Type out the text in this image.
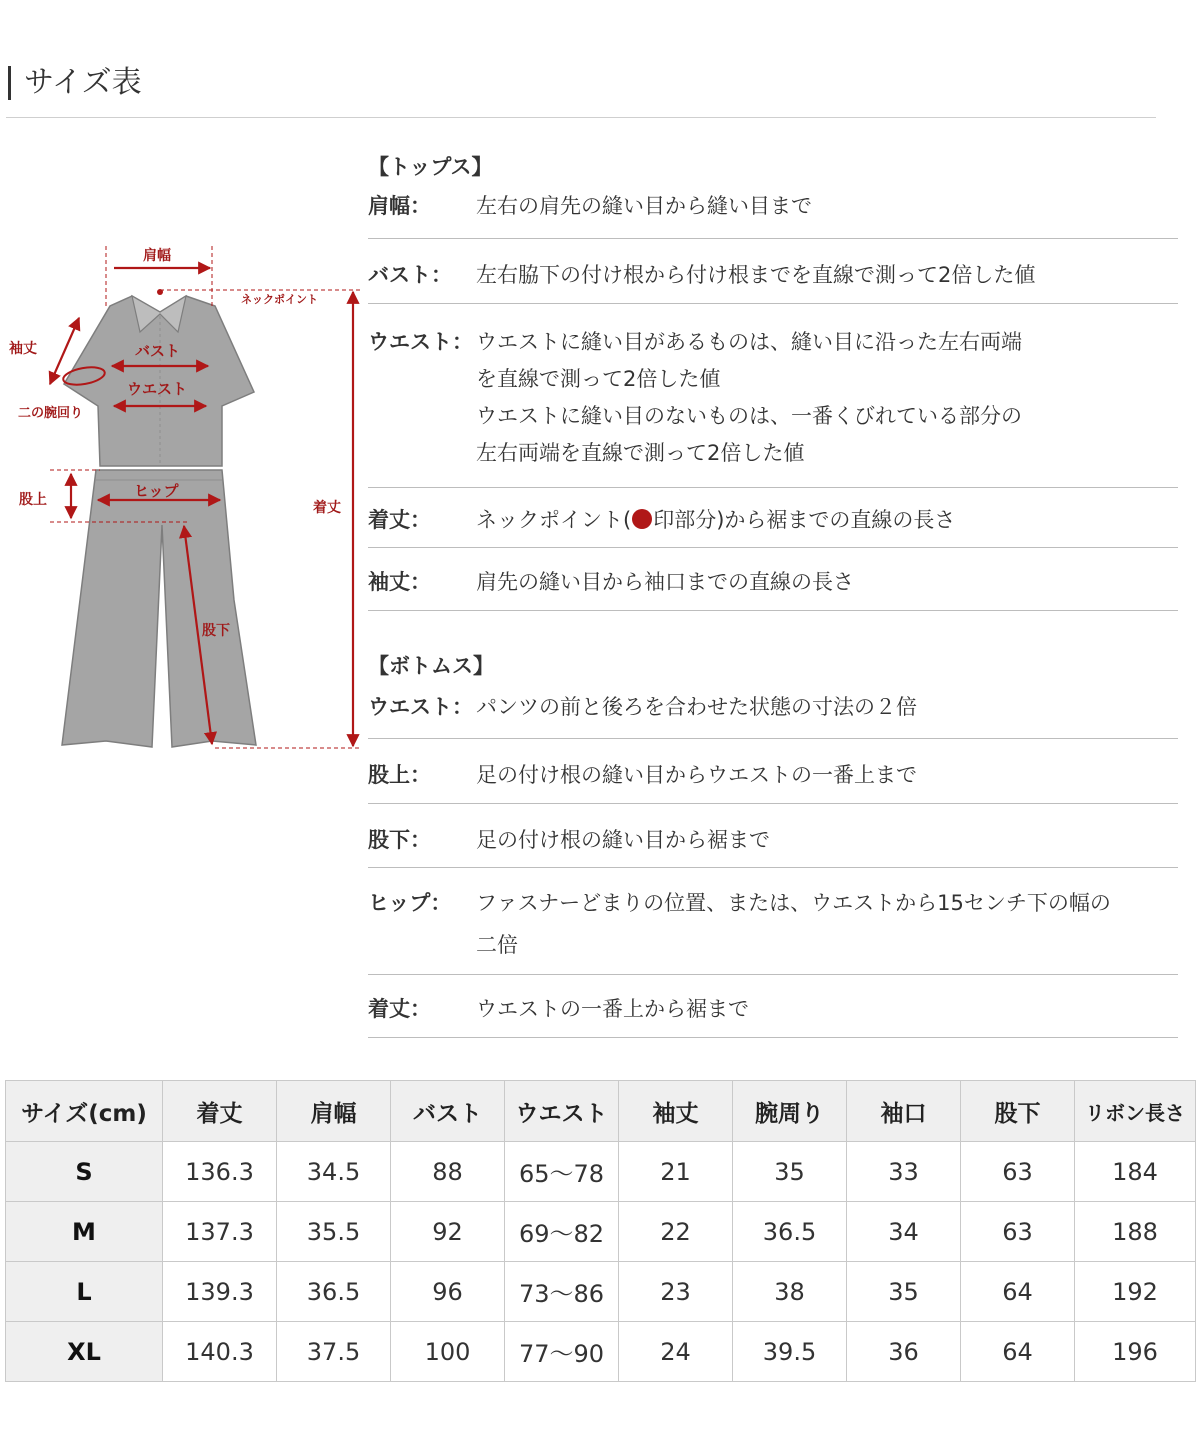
サイズ表
肩幅
ネックポイント
袖丈	バスト
ウエスト
二の腕回り
着丈
股上	ヒップ
股下
【トップス】
肩幅：	左右の肩先の縫い目から縫い目まで
バスト：	左右脇下の付け根から付け根までを直線で測って2倍した値
ウエスト： ウエストに縫い目があるものは、縫い目に沿った左右両端
を直線で測って2倍した値
ウエストに縫い目のないものは、一番くびれている部分の
左右両端を直線で測って2倍した値
着丈：	ネックポイント( 印部分)から裾までの直線の長さ
袖丈：	肩先の縫い目から袖口までの直線の長さ
【ボトムス】
ウエスト： パンツの前と後ろを合わせた状態の寸法の２倍
股上：	足の付け根の縫い目からウエストの一番上まで
股下：	足の付け根の縫い目から裾まで
ヒップ：	ファスナーどまりの位置、または、ウエストから15センチ下の幅の
二倍
着丈：	ウエストの一番上から裾まで
サイズ(cm)	着丈	肩幅	バスト	ウエスト	袖丈	腕周り	袖口	股下	リボン長さ
S	136.3	34.5	88	65～78	21	35	33	63	184
M	137.3	35.5	92	69～82	22	36.5	34	63	188
L	139.3	36.5	96	73～86	23	38	35	64	192
XL	140.3	37.5	100	77～90	24	39.5	36	64	196
